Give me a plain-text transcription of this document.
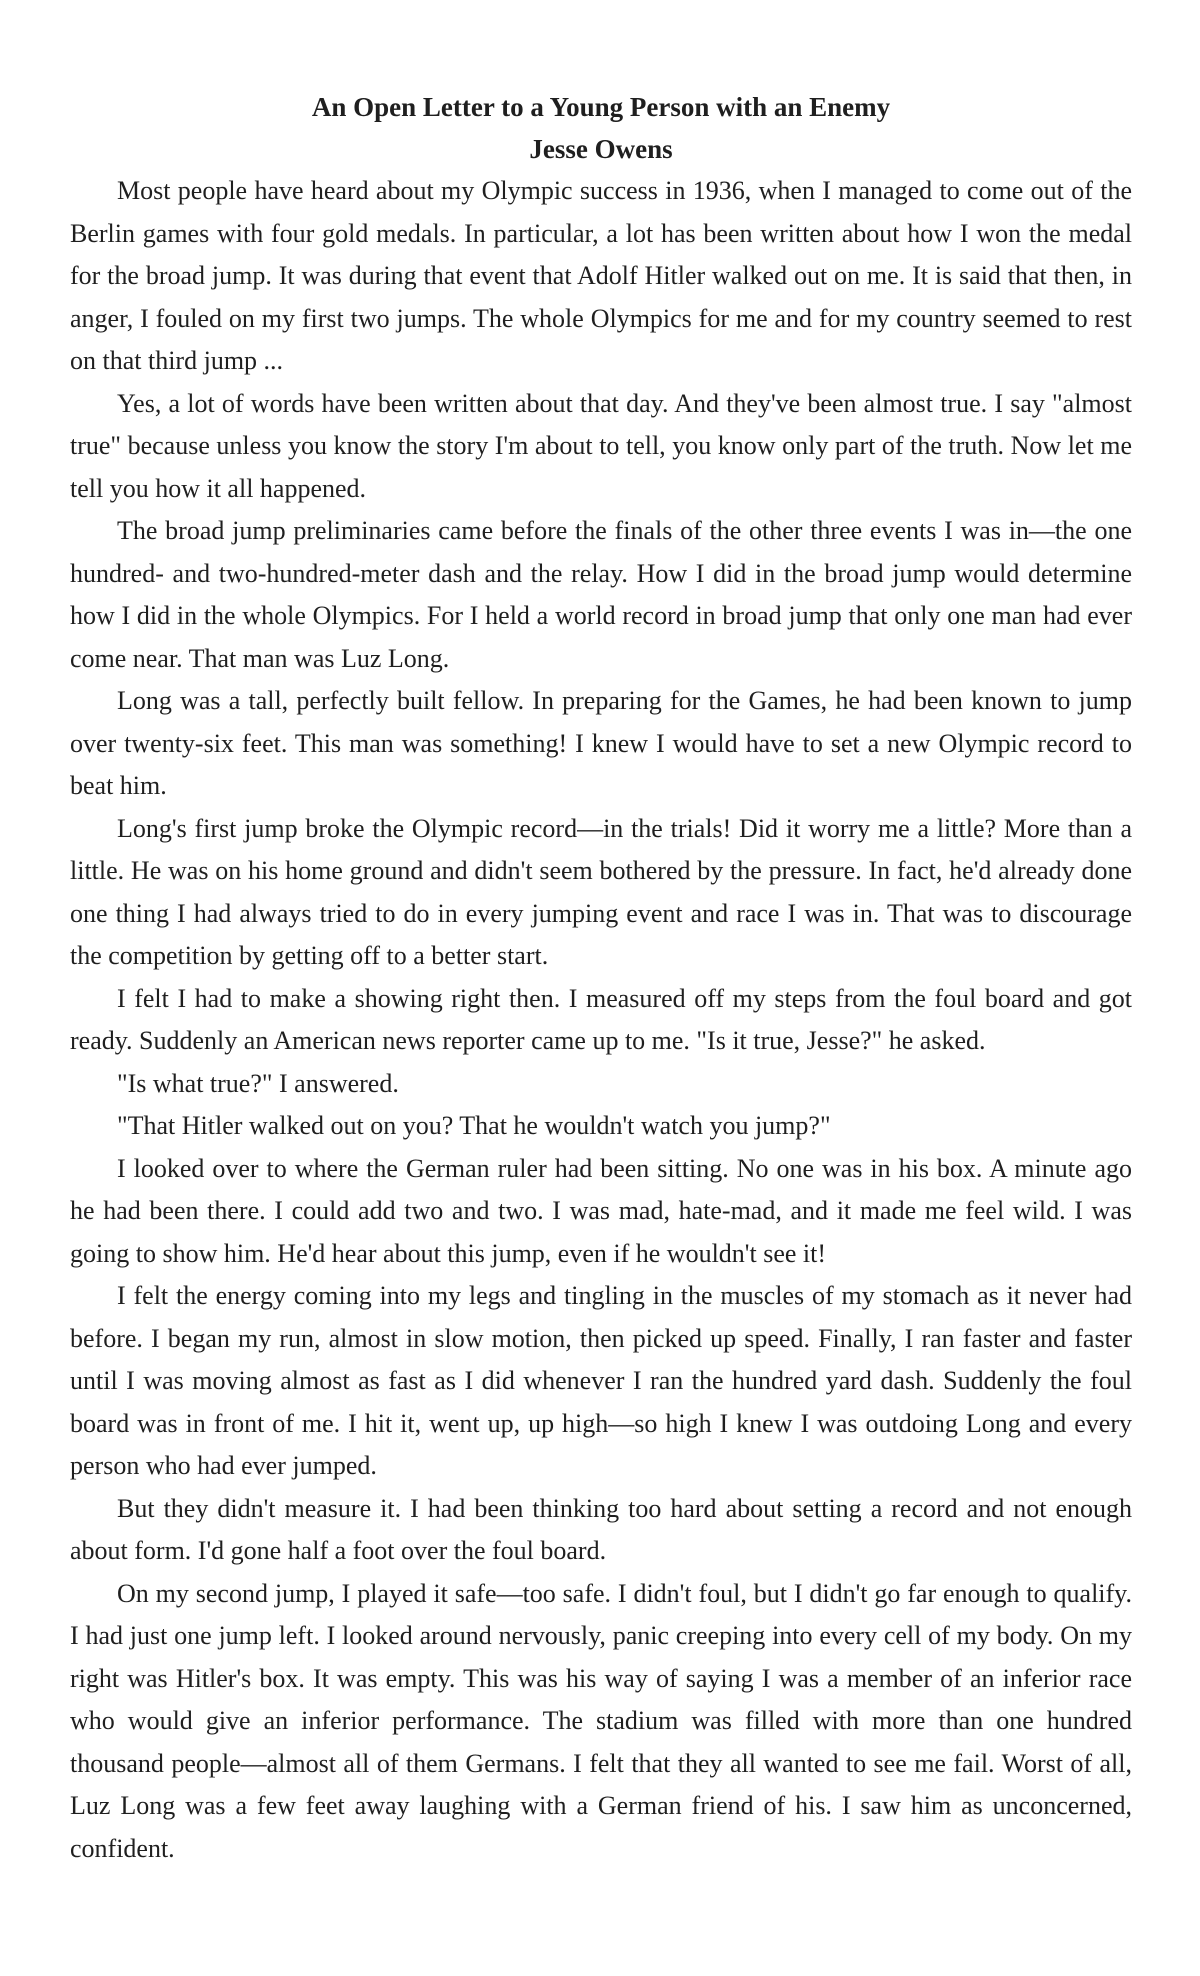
An Open Letter to a Young Person with an Enemy
Jesse Owens

Most people have heard about my Olympic success in 1936, when I managed to come out of the Berlin games with four gold medals. In particular, a lot has been written about how I won the medal for the broad jump. It was during that event that Adolf Hitler walked out on me. It is said that then, in anger, I fouled on my first two jumps. The whole Olympics for me and for my country seemed to rest on that third jump ...

Yes, a lot of words have been written about that day. And they've been almost true. I say "almost true" because unless you know the story I'm about to tell, you know only part of the truth. Now let me tell you how it all happened.

The broad jump preliminaries came before the finals of the other three events I was in—the one hundred- and two-hundred-meter dash and the relay. How I did in the broad jump would determine how I did in the whole Olympics. For I held a world record in broad jump that only one man had ever come near. That man was Luz Long.

Long was a tall, perfectly built fellow. In preparing for the Games, he had been known to jump over twenty-six feet. This man was something! I knew I would have to set a new Olympic record to beat him.

Long's first jump broke the Olympic record—in the trials! Did it worry me a little? More than a little. He was on his home ground and didn't seem bothered by the pressure. In fact, he'd already done one thing I had always tried to do in every jumping event and race I was in. That was to discourage the competition by getting off to a better start.

I felt I had to make a showing right then. I measured off my steps from the foul board and got ready. Suddenly an American news reporter came up to me. "Is it true, Jesse?" he asked.

"Is what true?" I answered.

"That Hitler walked out on you? That he wouldn't watch you jump?"

I looked over to where the German ruler had been sitting. No one was in his box. A minute ago he had been there. I could add two and two. I was mad, hate-mad, and it made me feel wild. I was going to show him. He'd hear about this jump, even if he wouldn't see it!

I felt the energy coming into my legs and tingling in the muscles of my stomach as it never had before. I began my run, almost in slow motion, then picked up speed. Finally, I ran faster and faster until I was moving almost as fast as I did whenever I ran the hundred yard dash. Suddenly the foul board was in front of me. I hit it, went up, up high—so high I knew I was outdoing Long and every person who had ever jumped.

But they didn't measure it. I had been thinking too hard about setting a record and not enough about form. I'd gone half a foot over the foul board.

On my second jump, I played it safe—too safe. I didn't foul, but I didn't go far enough to qualify. I had just one jump left. I looked around nervously, panic creeping into every cell of my body. On my right was Hitler's box. It was empty. This was his way of saying I was a member of an inferior race who would give an inferior performance. The stadium was filled with more than one hundred thousand people—almost all of them Germans. I felt that they all wanted to see me fail. Worst of all, Luz Long was a few feet away laughing with a German friend of his. I saw him as unconcerned, confident.
